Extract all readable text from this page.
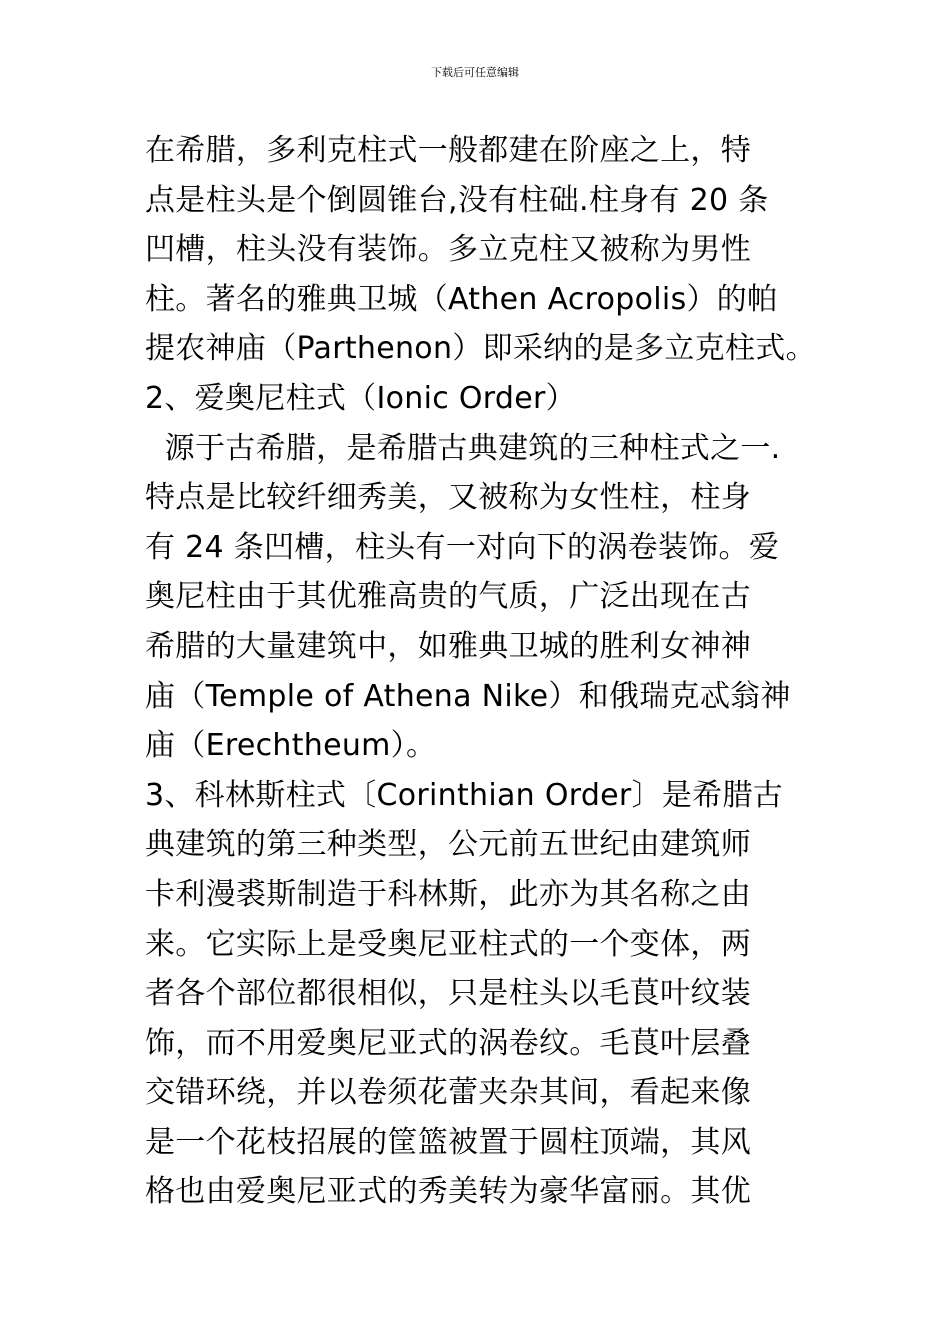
下载后可任意编辑
在希腊，多利克柱式一般都建在阶座之上，特
点是柱头是个倒圆锥台,没有柱础.柱身有 20 条
凹槽，柱头没有装饰。多立克柱又被称为男性
柱。著名的雅典卫城（Athen Acropolis）的帕
提农神庙（Parthenon）即采纳的是多立克柱式。
2、爱奥尼柱式（Ionic Order）
源于古希腊，是希腊古典建筑的三种柱式之一.
特点是比较纤细秀美，又被称为女性柱，柱身
有 24 条凹槽，柱头有一对向下的涡卷装饰。爱
奥尼柱由于其优雅高贵的气质，广泛出现在古
希腊的大量建筑中，如雅典卫城的胜利女神神
庙（Temple of Athena Nike）和俄瑞克忒翁神
庙（Erechtheum）。
3、科林斯柱式〔Corinthian Order〕是希腊古
典建筑的第三种类型，公元前五世纪由建筑师
卡利漫裘斯制造于科林斯，此亦为其名称之由
来。它实际上是受奥尼亚柱式的一个变体，两
者各个部位都很相似，只是柱头以毛茛叶纹装
饰，而不用爱奥尼亚式的涡卷纹。毛茛叶层叠
交错环绕，并以卷须花蕾夹杂其间，看起来像
是一个花枝招展的筐篮被置于圆柱顶端，其风
格也由爱奥尼亚式的秀美转为豪华富丽。其优
